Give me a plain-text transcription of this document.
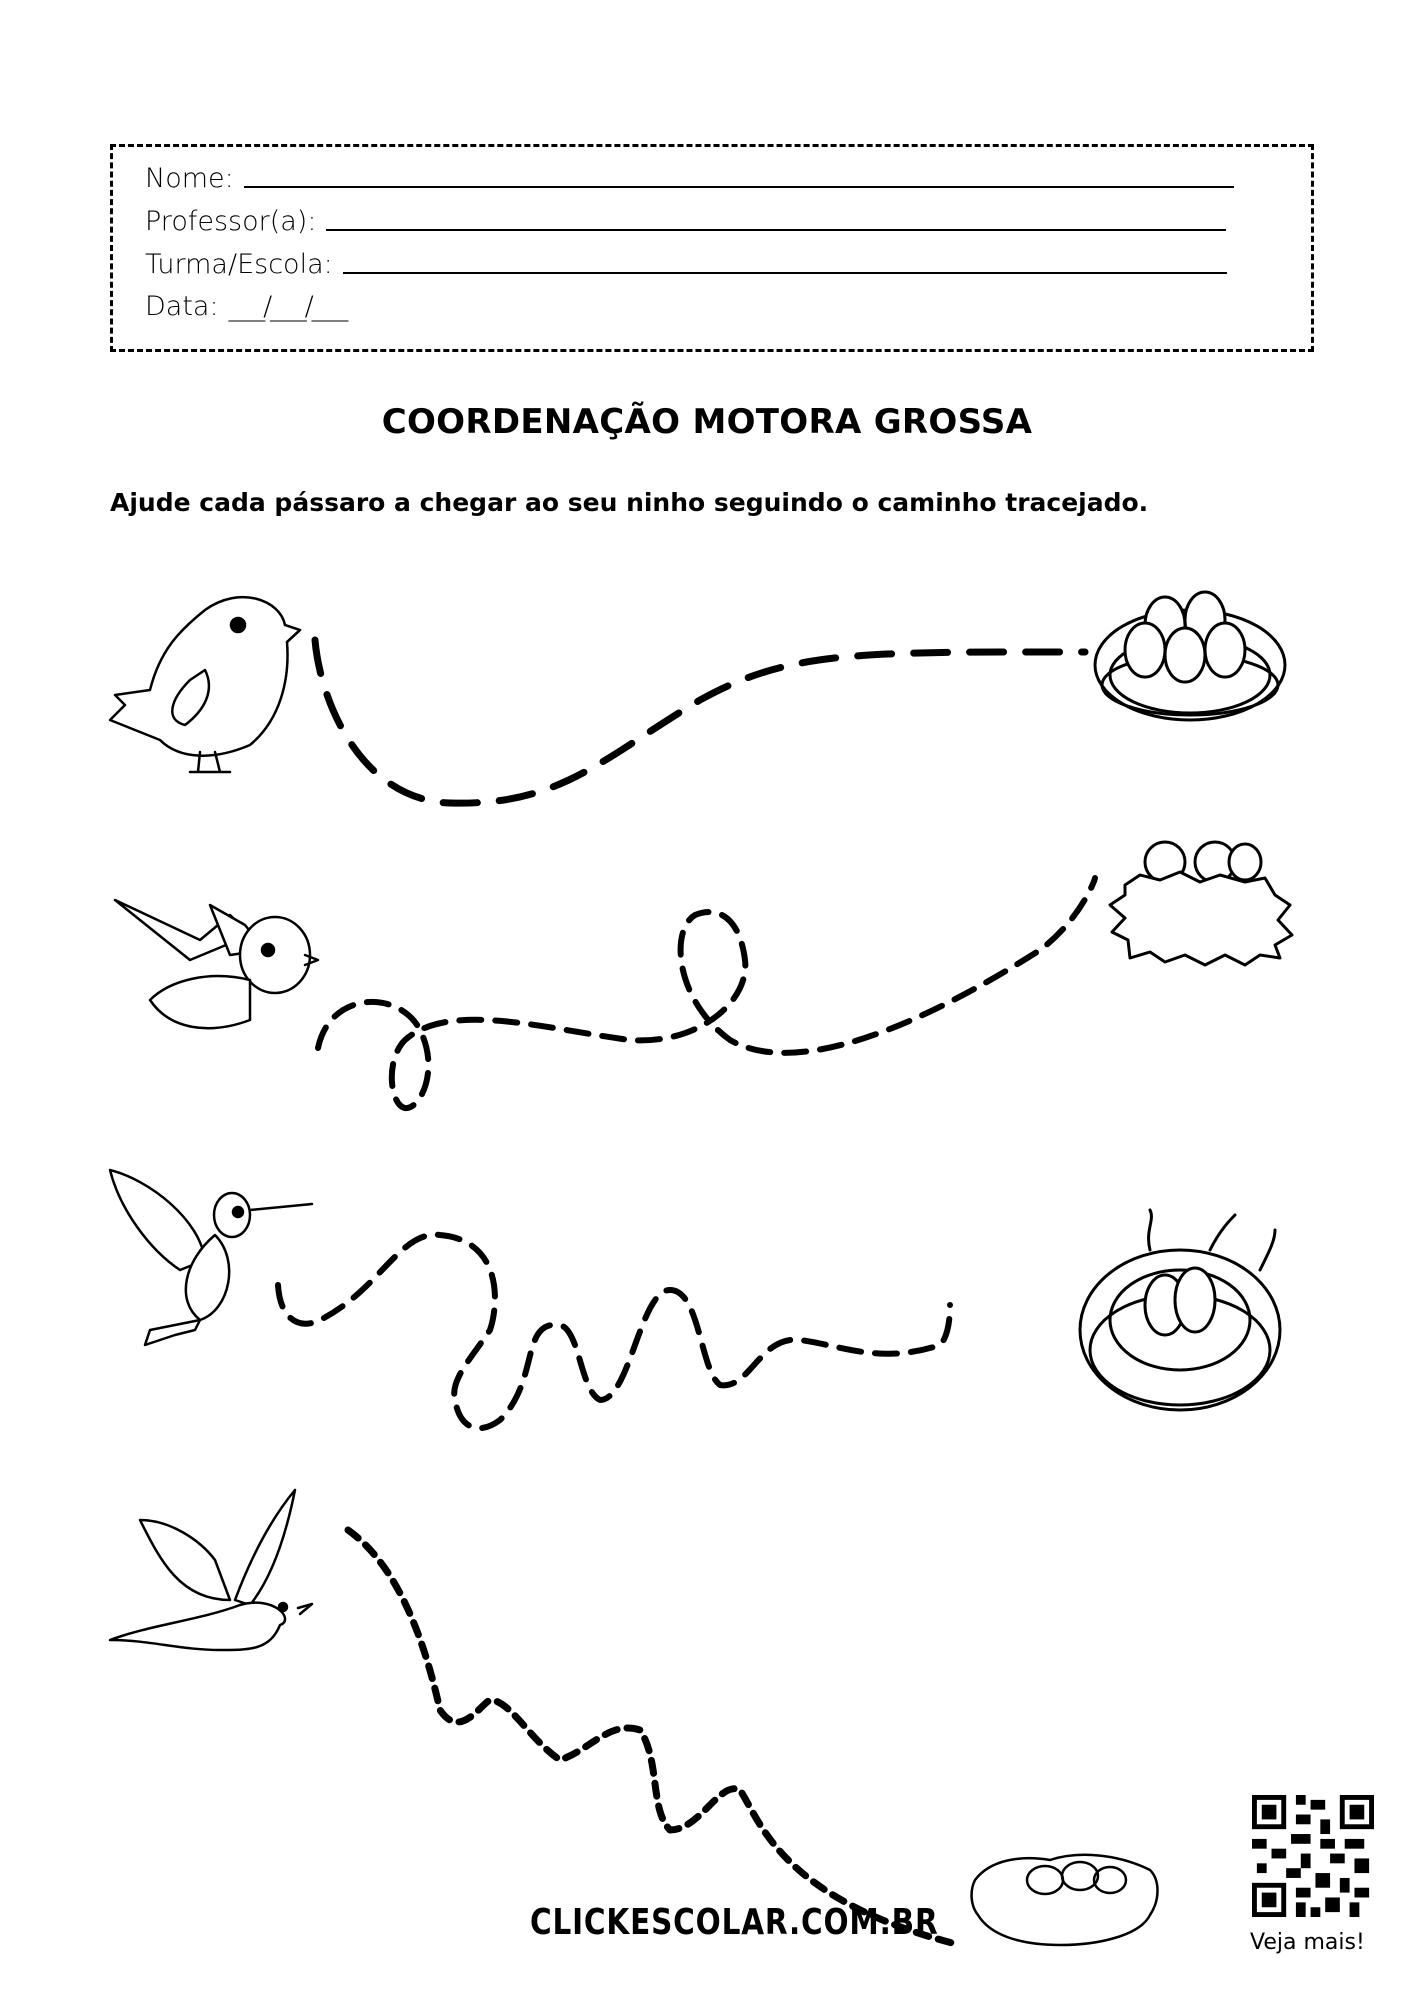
Nome:
Professor(a):
Turma/Escola:
Data: ___/___/___
COORDENAÇÃO MOTORA GROSSA
Ajude cada pássaro a chegar ao seu ninho seguindo o caminho tracejado.
CLICKESCOLAR.COM.BR	Veja mais!
